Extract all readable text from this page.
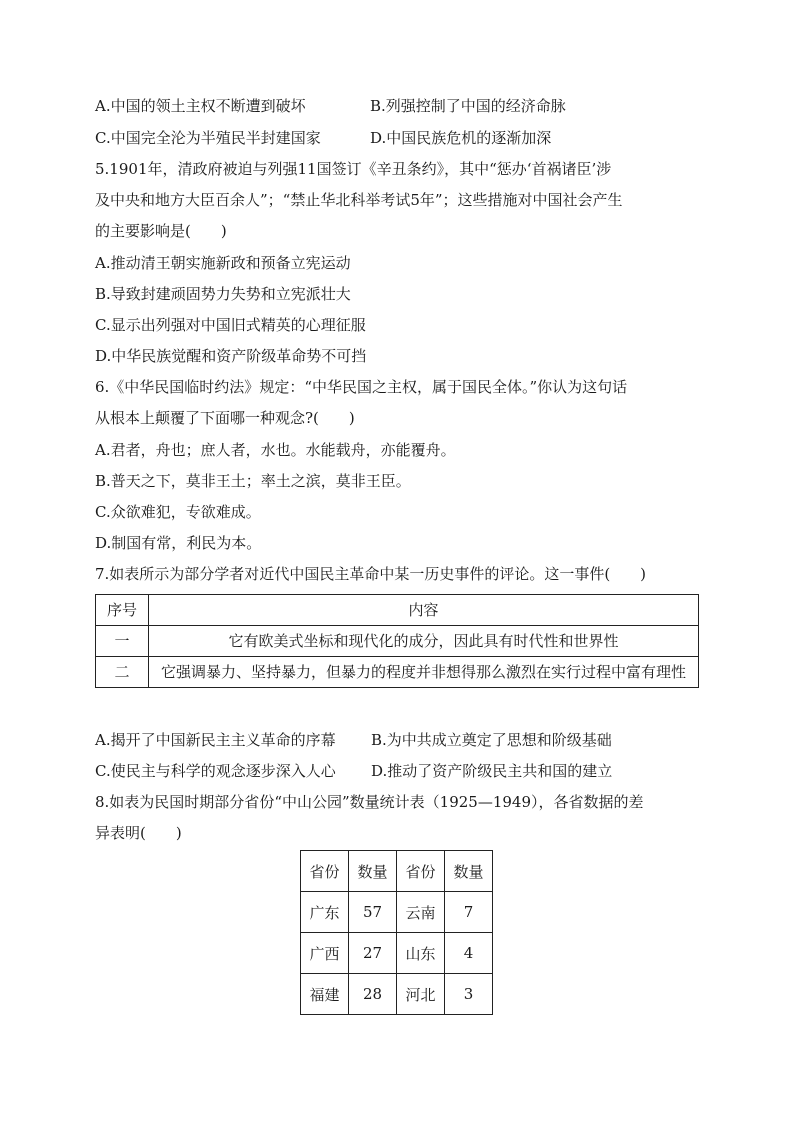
A.中国的领土主权不断遭到破坏	B.列强控制了中国的经济命脉
C.中国完全沦为半殖民半封建国家	D.中国民族危机的逐渐加深
5.1901年，清政府被迫与列强11国签订《辛丑条约》，其中“惩办‘首祸诸臣’涉
及中央和地方大臣百余人”；“禁止华北科举考试5年”；这些措施对中国社会产生
的主要影响是(　　)
A.推动清王朝实施新政和预备立宪运动
B.导致封建顽固势力失势和立宪派壮大
C.显示出列强对中国旧式精英的心理征服
D.中华民族觉醒和资产阶级革命势不可挡
6.《中华民国临时约法》规定：“中华民国之主权，属于国民全体。”你认为这句话
从根本上颠覆了下面哪一种观念?(　　)
A.君者，舟也；庶人者，水也。水能载舟，亦能覆舟。
B.普天之下，莫非王土；率土之滨，莫非王臣。
C.众欲难犯，专欲难成。
D.制国有常，利民为本。
7.如表所示为部分学者对近代中国民主革命中某一历史事件的评论。这一事件(　　)
序号	内容
一	它有欧美式坐标和现代化的成分，因此具有时代性和世界性
二	它强调暴力、坚持暴力，但暴力的程度并非想得那么激烈在实行过程中富有理性
A.揭开了中国新民主主义革命的序幕 B.为中共成立奠定了思想和阶级基础
C.使民主与科学的观念逐步深入人心 D.推动了资产阶级民主共和国的建立
8.如表为民国时期部分省份“中山公园”数量统计表（1925—1949），各省数据的差
异表明(　　)
省份	数量	省份	数量
广东	57	云南	7
广西	27	山东	4
福建	28	河北	3
